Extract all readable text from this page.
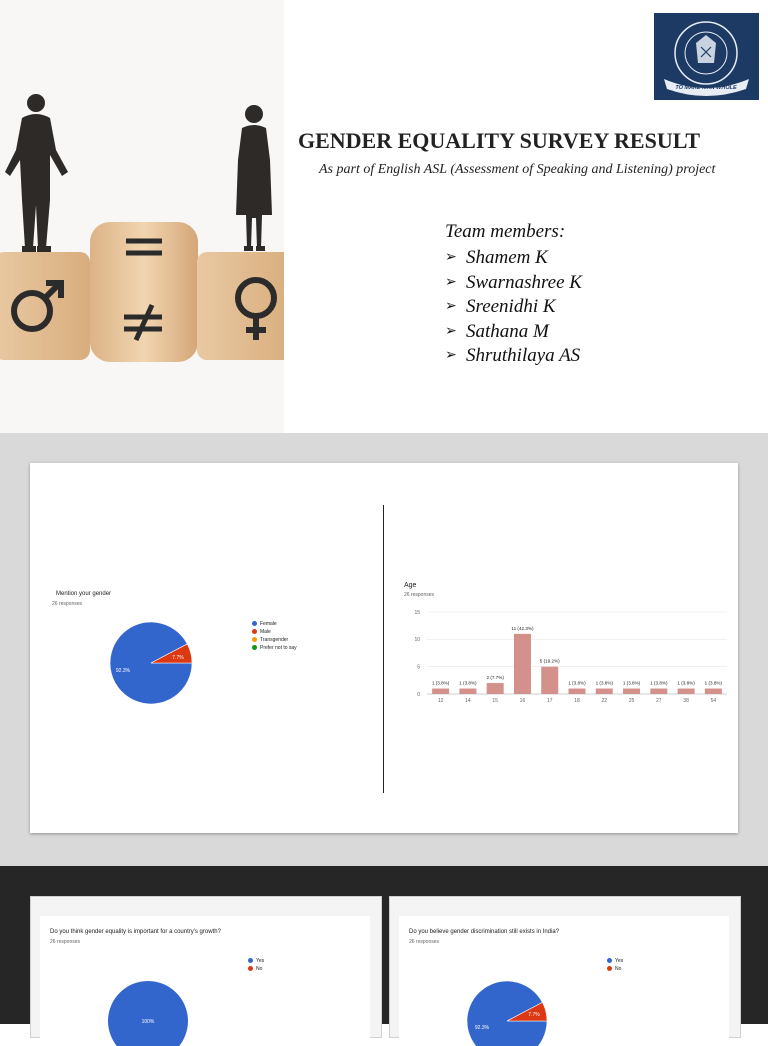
GENDER EQUALITY SURVEY RESULT
As part of English ASL (Assessment of Speaking and Listening) project
Team members:
➢ Shamem K
➢ Swarnashree K
➢ Sreenidhi K
➢ Sathana M
➢ Shruthilaya AS
TO MAKE MAN WHOLE
Mention your gender
26 responses
92.3%
7.7%
Female
Male
Transgender
Prefer not to say
Age
26 responses
0
5
10
15
1 (3.8%)
12
1 (3.8%)
14
2 (7.7%)
15
11 (42.3%)
16
5 (19.2%)
17
1 (3.8%)
18
1 (3.8%)
22
1 (3.8%)
25
1 (3.8%)
27
1 (3.8%)
38
1 (3.8%)
54
Do you think gender equality is important for a country's growth?
26 responses
100%
Yes
No
Do you believe gender discrimination still exists in India?
26 responses
92.3%
7.7%
Yes
No
